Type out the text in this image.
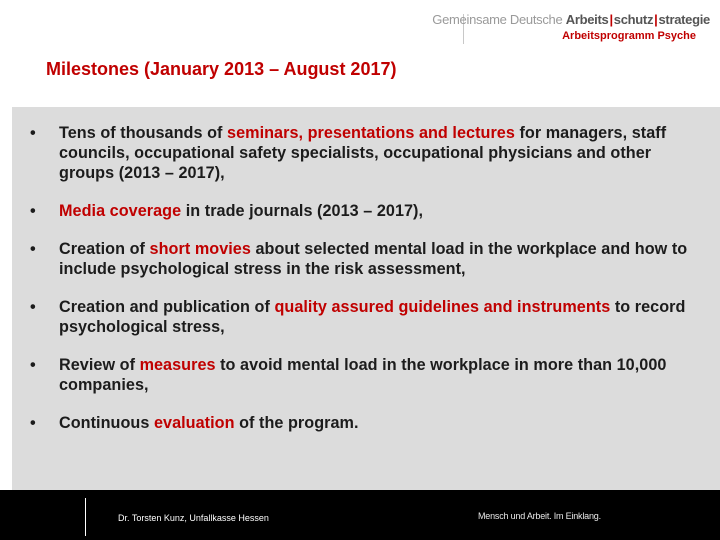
Gemeinsame Deutsche Arbeits|schutz|strategie
Arbeitsprogramm Psyche
Milestones (January 2013 – August 2017)
• Tens of thousands of seminars, presentations and lectures for managers, staff councils, occupational safety specialists, occupational physicians and other groups (2013 – 2017),
• Media coverage in trade journals (2013 – 2017),
• Creation of short movies about selected mental load in the workplace and how to include psychological stress in the risk assessment,
• Creation and publication of quality assured guidelines and instruments to record psychological stress,
• Review of measures to avoid mental load in the workplace in more than 10,000 companies,
• Continuous evaluation of the program.
Dr. Torsten Kunz, Unfallkasse Hessen	Mensch und Arbeit. Im Einklang.
